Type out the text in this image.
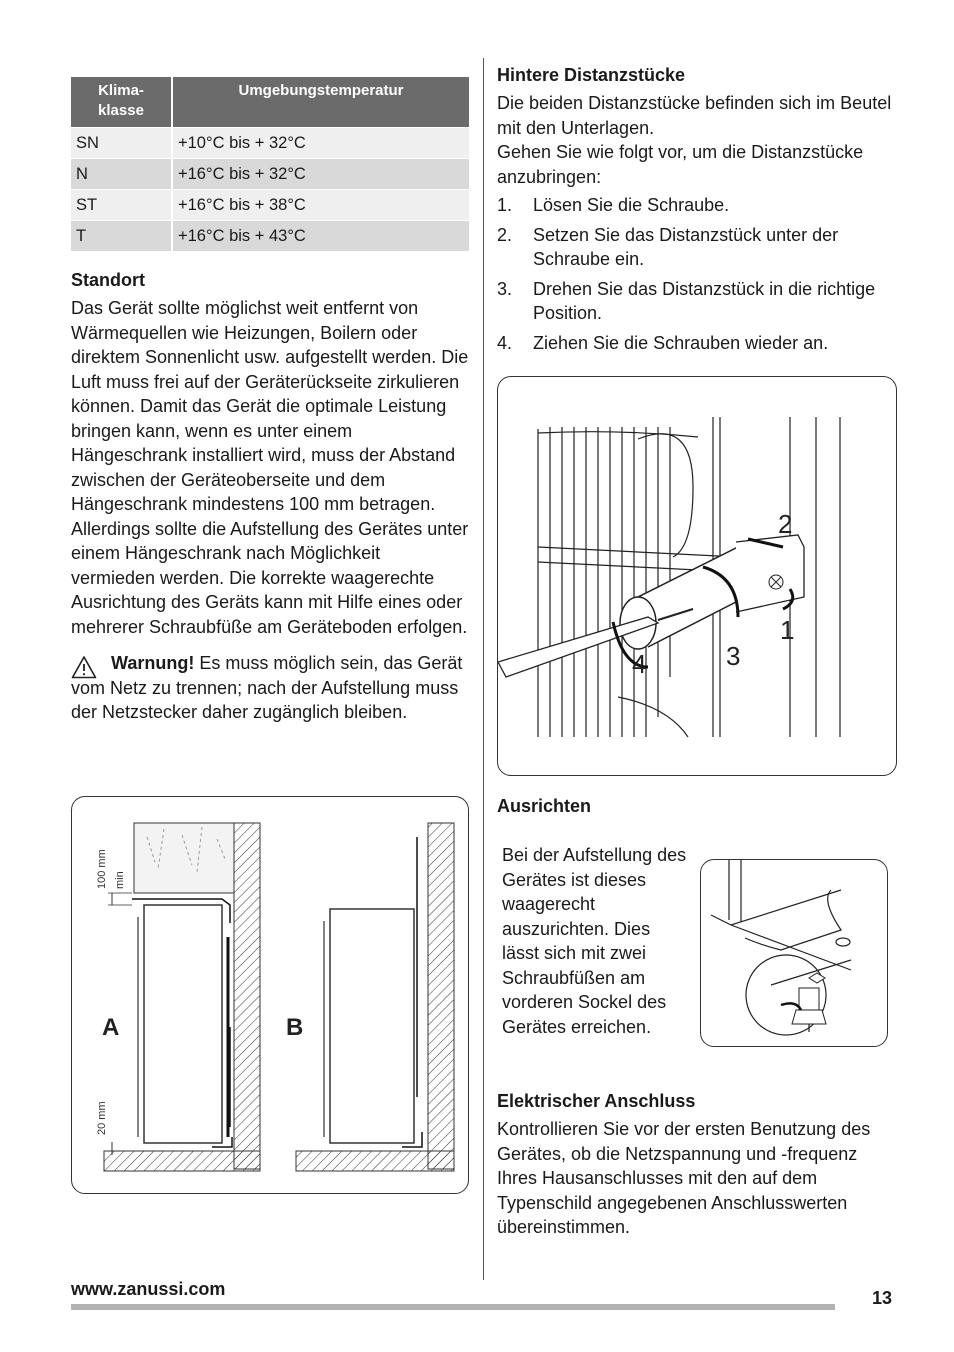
Klima-
klasse	Umgebungstemperatur
SN	+10°C bis + 32°C
N	+16°C bis + 32°C
ST	+16°C bis + 38°C
T	+16°C bis + 43°C
Standort

Das Gerät sollte möglichst weit entfernt von Wärmequellen wie Heizungen, Boilern oder direktem Sonnenlicht usw. aufgestellt werden. Die Luft muss frei auf der Geräterückseite zirkulieren können. Damit das Gerät die optimale Leistung bringen kann, wenn es unter einem Hängeschrank installiert wird, muss der Abstand zwischen der Geräteoberseite und dem Hängeschrank mindestens 100 mm betragen. Allerdings sollte die Aufstellung des Gerätes unter einem Hängeschrank nach Möglichkeit vermieden werden. Die korrekte waagerechte Ausrichtung des Geräts kann mit Hilfe eines oder mehrerer Schraubfüße am Geräteboden erfolgen.

Warnung! Es muss möglich sein, das Gerät vom Netz zu trennen; nach der Aufstellung muss der Netzstecker daher zugänglich bleiben.
100 mm min
20 mm
A	B
Hintere Distanzstücke

Die beiden Distanzstücke befinden sich im Beutel mit den Unterlagen.

Gehen Sie wie folgt vor, um die Distanzstücke anzubringen:

1. Lösen Sie die Schraube.
2. Setzen Sie das Distanzstück unter der Schraube ein.
3. Drehen Sie das Distanzstück in die richtige Position.
4. Ziehen Sie die Schrauben wieder an.
2
1
3
4
Ausrichten
Bei der Aufstellung des Gerätes ist dieses waagerecht auszurichten. Dies lässt sich mit zwei Schraubfüßen am vorderen Sockel des Gerätes erreichen.
Elektrischer Anschluss

Kontrollieren Sie vor der ersten Benutzung des Gerätes, ob die Netzspannung und -frequenz Ihres Hausanschlusses mit den auf dem Typenschild angegebenen Anschlusswerten übereinstimmen.

www.zanussi.com	13
